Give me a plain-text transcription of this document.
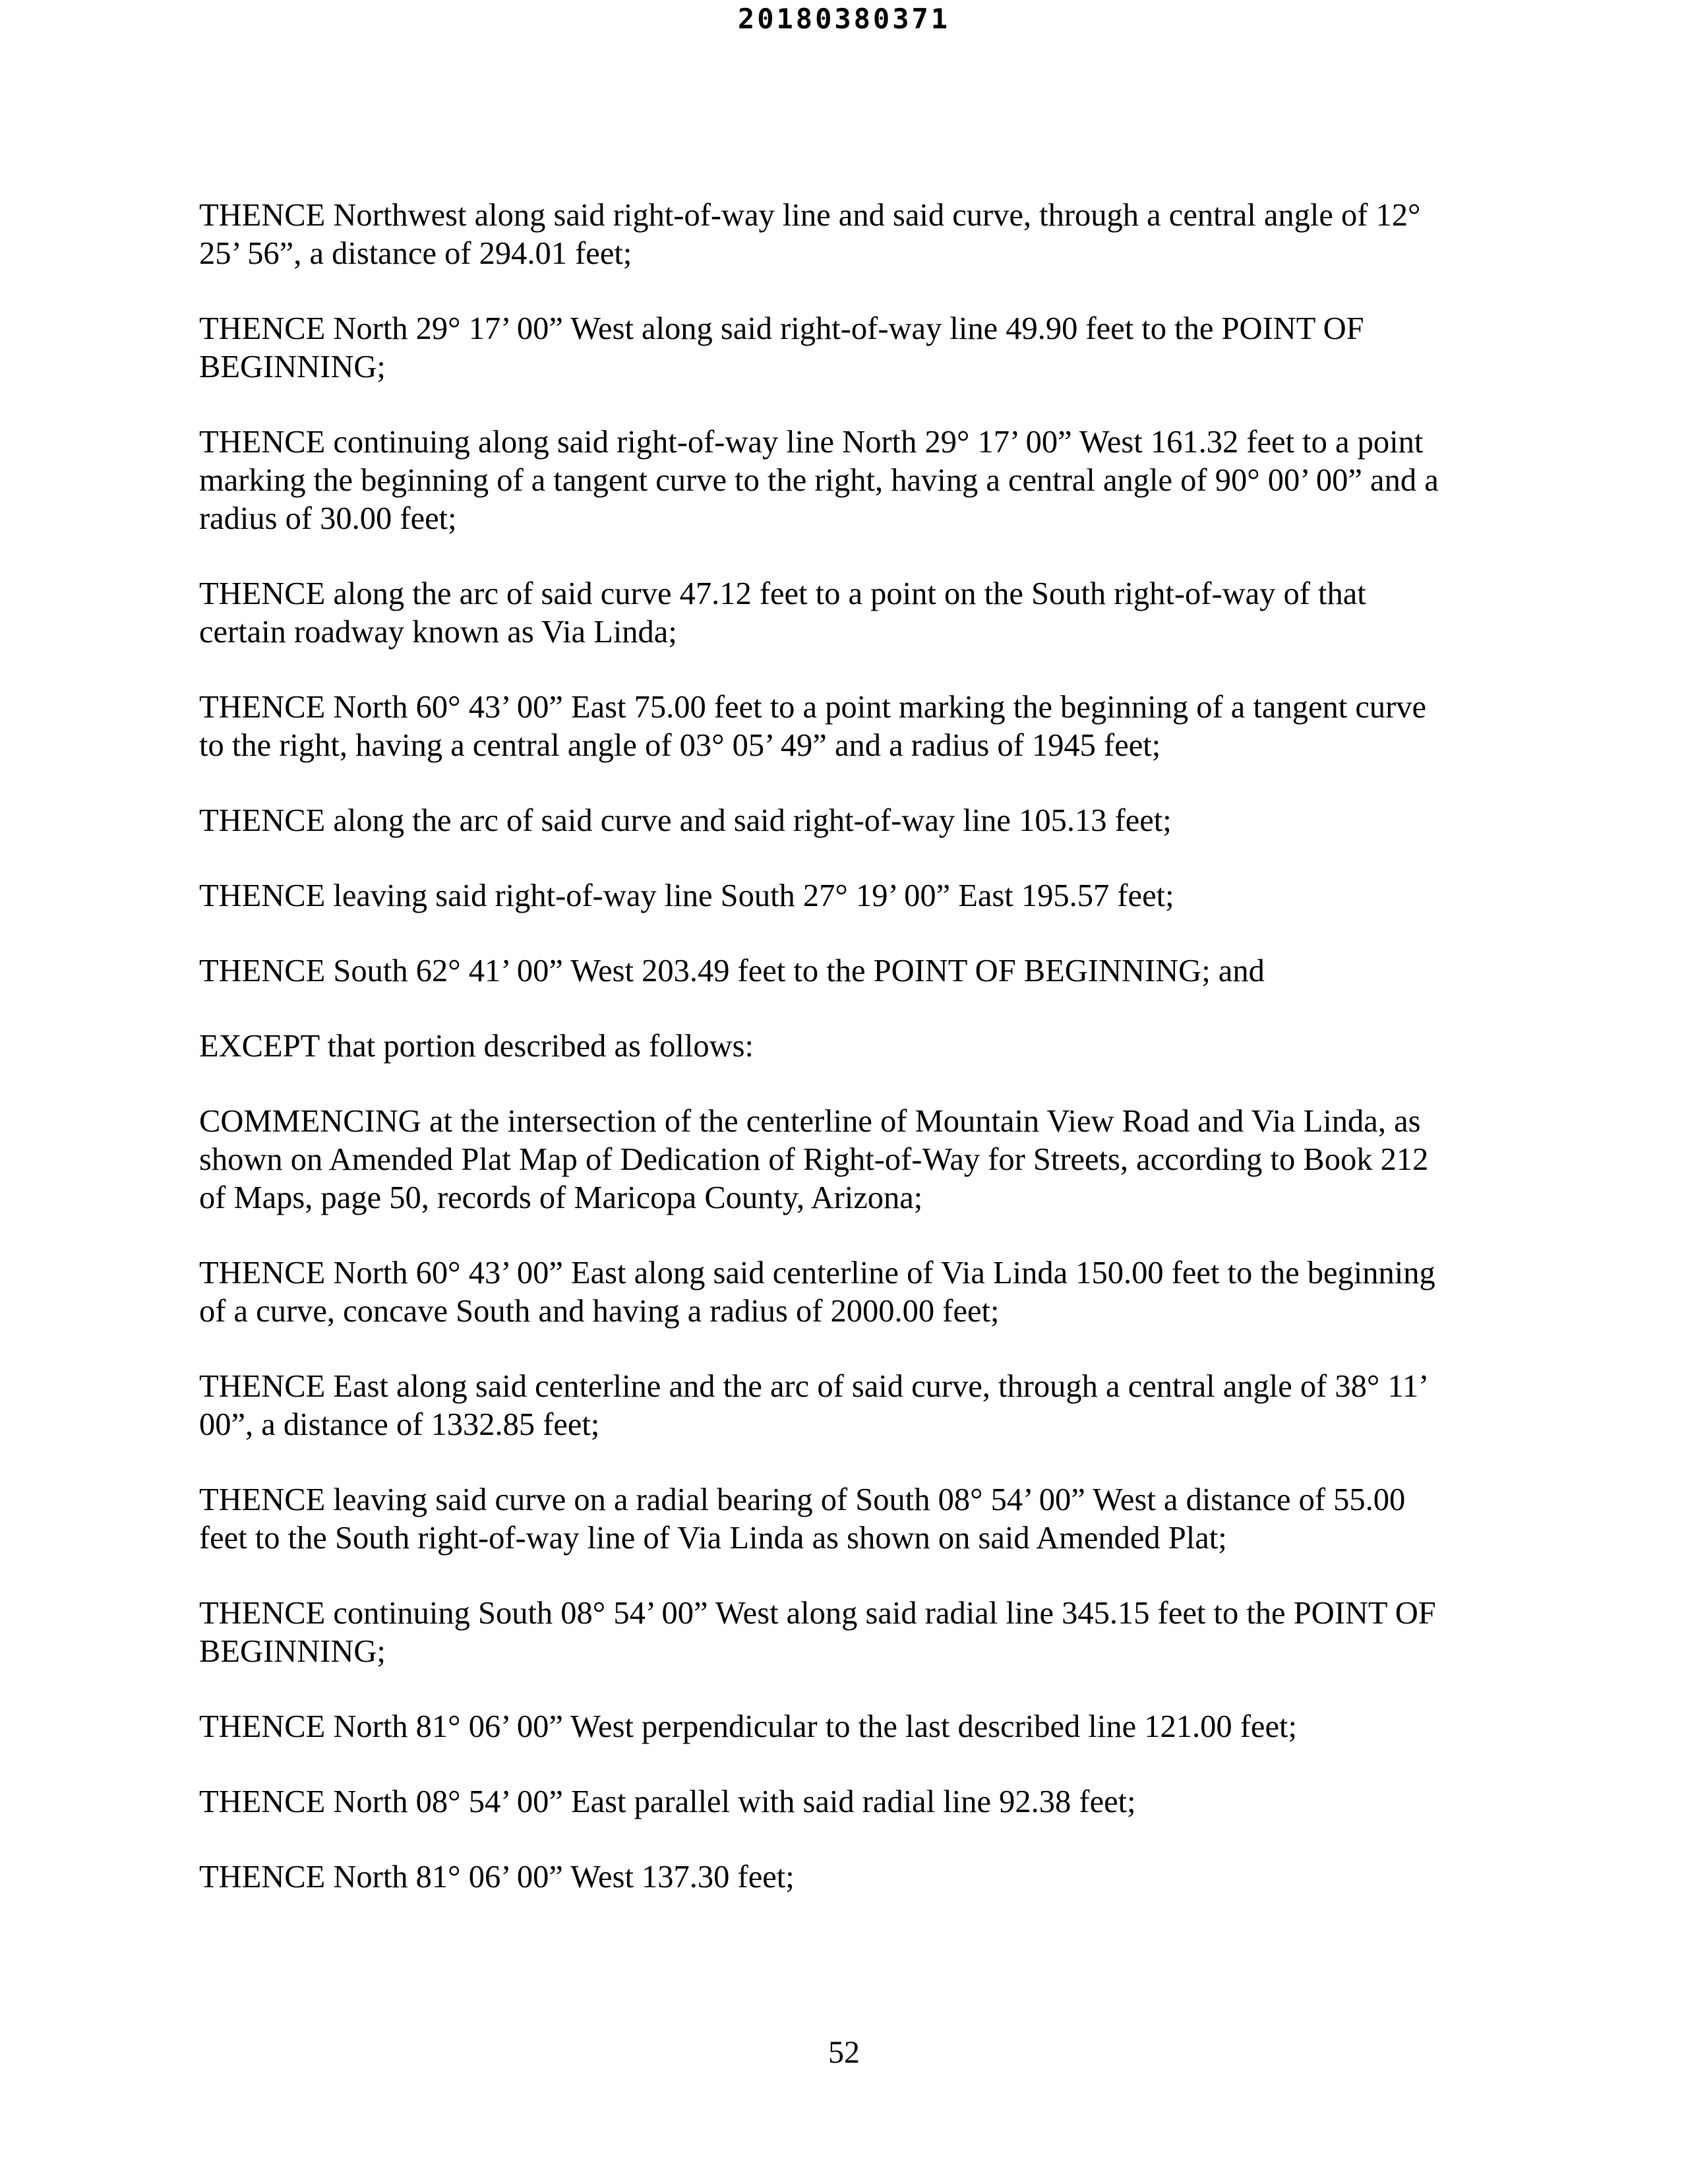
20180380371

THENCE Northwest along said right-of-way line and said curve, through a central angle of 12°
25’ 56”, a distance of 294.01 feet;

THENCE North 29° 17’ 00” West along said right-of-way line 49.90 feet to the POINT OF
BEGINNING;

THENCE continuing along said right-of-way line North 29° 17’ 00” West 161.32 feet to a point
marking the beginning of a tangent curve to the right, having a central angle of 90° 00’ 00” and a
radius of 30.00 feet;

THENCE along the arc of said curve 47.12 feet to a point on the South right-of-way of that
certain roadway known as Via Linda;

THENCE North 60° 43’ 00” East 75.00 feet to a point marking the beginning of a tangent curve
to the right, having a central angle of 03° 05’ 49” and a radius of 1945 feet;

THENCE along the arc of said curve and said right-of-way line 105.13 feet;

THENCE leaving said right-of-way line South 27° 19’ 00” East 195.57 feet;

THENCE South 62° 41’ 00” West 203.49 feet to the POINT OF BEGINNING; and

EXCEPT that portion described as follows:

COMMENCING at the intersection of the centerline of Mountain View Road and Via Linda, as
shown on Amended Plat Map of Dedication of Right-of-Way for Streets, according to Book 212
of Maps, page 50, records of Maricopa County, Arizona;

THENCE North 60° 43’ 00” East along said centerline of Via Linda 150.00 feet to the beginning
of a curve, concave South and having a radius of 2000.00 feet;

THENCE East along said centerline and the arc of said curve, through a central angle of 38° 11’
00”, a distance of 1332.85 feet;

THENCE leaving said curve on a radial bearing of South 08° 54’ 00” West a distance of 55.00
feet to the South right-of-way line of Via Linda as shown on said Amended Plat;

THENCE continuing South 08° 54’ 00” West along said radial line 345.15 feet to the POINT OF
BEGINNING;

THENCE North 81° 06’ 00” West perpendicular to the last described line 121.00 feet;

THENCE North 08° 54’ 00” East parallel with said radial line 92.38 feet;

THENCE North 81° 06’ 00” West 137.30 feet;

52
